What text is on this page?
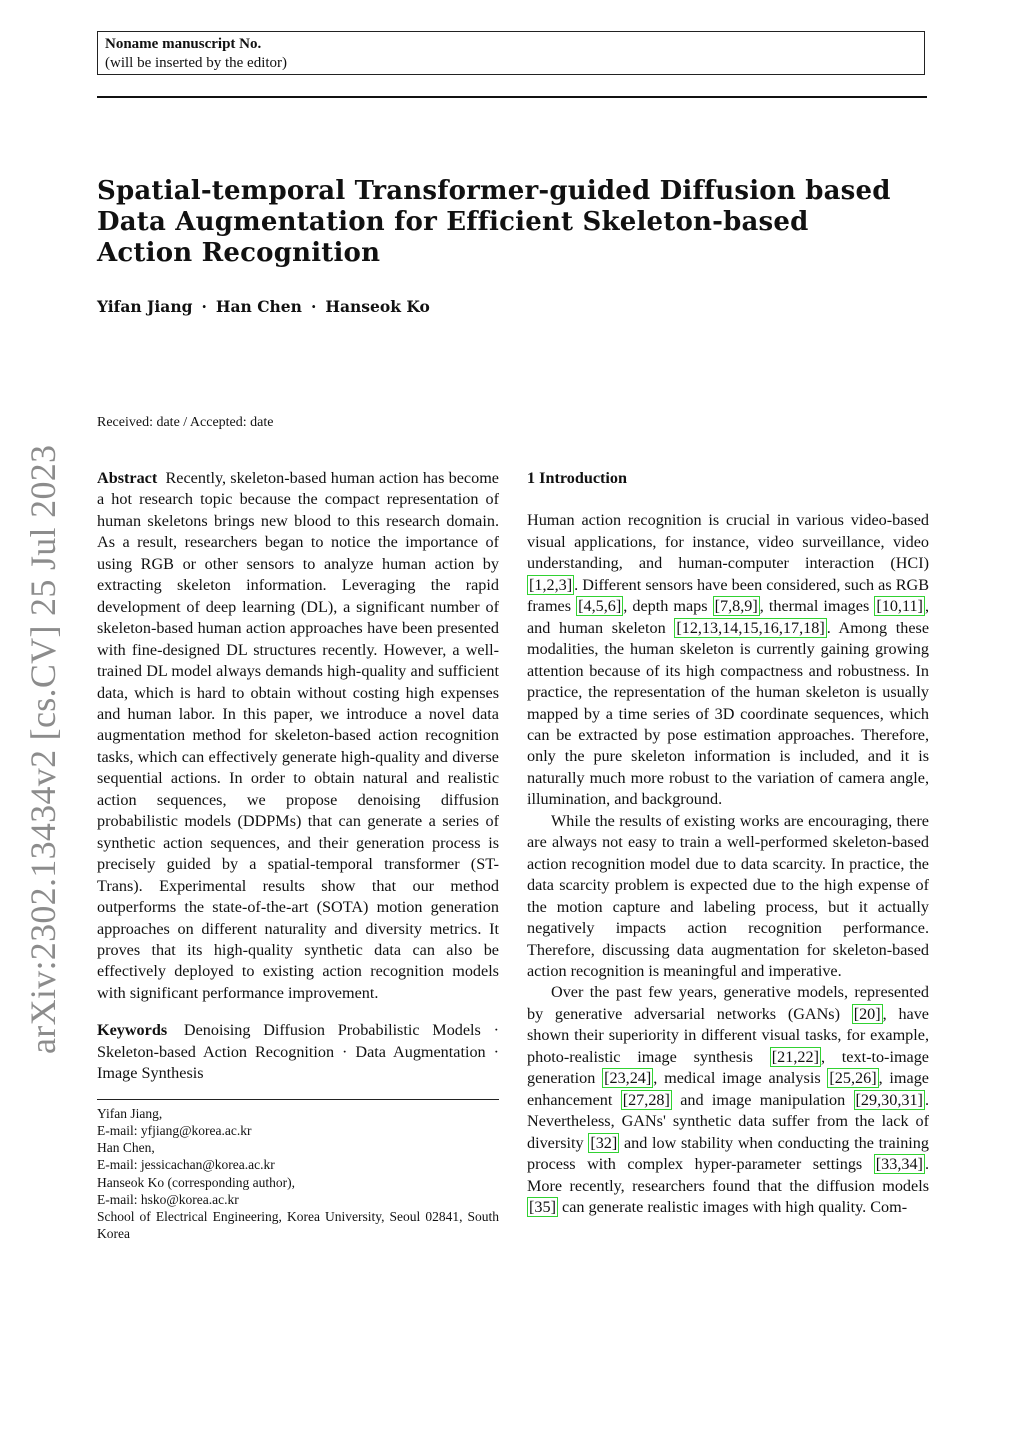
Noname manuscript No.
(will be inserted by the editor)
Spatial-temporal Transformer-guided Diffusion based Data Augmentation for Efficient Skeleton-based Action Recognition
Yifan Jiang · Han Chen · Hanseok Ko
Received: date / Accepted: date
arXiv:2302.13434v2 [cs.CV] 25 Jul 2023 Abstract Recently, skeleton-based human action has become a hot research topic because the compact representation of human skeletons brings new blood to this research domain. As a result, researchers began to notice the importance of using RGB or other sensors to analyze human action by extracting skeleton information. Leveraging the rapid development of deep learning (DL), a significant number of skeleton-based human action approaches have been presented with fine-designed DL structures recently. However, a well-trained DL model always demands high-quality and sufficient data, which is hard to obtain without costing high expenses and human labor. In this paper, we introduce a novel data augmentation method for skeleton-based action recognition tasks, which can effectively generate high-quality and diverse sequential actions. In order to obtain natural and realistic action sequences, we propose denoising diffusion probabilistic models (DDPMs) that can generate a series of synthetic action sequences, and their generation process is precisely guided by a spatial-temporal transformer (ST-Trans). Experimental results show that our method outperforms the state-of-the-art (SOTA) motion generation approaches on different naturality and diversity metrics. It proves that its high-quality synthetic data can also be effectively deployed to existing action recognition models with significant performance improvement.

Keywords Denoising Diffusion Probabilistic Models · Skeleton-based Action Recognition · Data Augmentation · Image Synthesis

Yifan Jiang,
E-mail: yfjiang@korea.ac.kr
Han Chen,
E-mail: jessicachan@korea.ac.kr
Hanseok Ko (corresponding author),
E-mail: hsko@korea.ac.kr
School of Electrical Engineering, Korea University, Seoul 02841, South Korea

1 Introduction

Human action recognition is crucial in various video-based visual applications, for instance, video surveillance, video understanding, and human-computer interaction (HCI) [1,2,3] . Different sensors have been considered, such as RGB frames [4,5,6] , depth maps [7,8,9] , thermal images [10,11] , and human skeleton [12,13,14,15,16,17,18] . Among these modalities, the human skeleton is currently gaining growing attention because of its high compactness and robustness. In practice, the representation of the human skeleton is usually mapped by a time series of 3D coordinate sequences, which can be extracted by pose estimation approaches. Therefore, only the pure skeleton information is included, and it is naturally much more robust to the variation of camera angle, illumination, and background.

While the results of existing works are encouraging, there are always not easy to train a well-performed skeleton-based action recognition model due to data scarcity. In practice, the data scarcity problem is expected due to the high expense of the motion capture and labeling process, but it actually negatively impacts action recognition performance. Therefore, discussing data augmentation for skeleton-based action recognition is meaningful and imperative.

Over the past few years, generative models, represented by generative adversarial networks (GANs) [20] , have shown their superiority in different visual tasks, for example, photo-realistic image synthesis [21,22] , text-to-image generation [23,24] , medical image analysis [25,26] , image enhancement [27,28] and image manipulation [29,30,31] . Nevertheless, GANs' synthetic data suffer from the lack of diversity [32] and low stability when conducting the training process with complex hyper-parameter settings [33,34] . More recently, researchers found that the diffusion models [35] can generate realistic images with high quality. Com-
